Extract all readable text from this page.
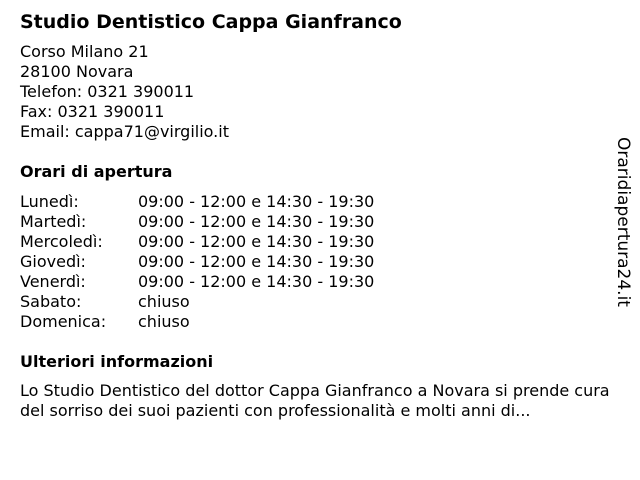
Studio Dentistico Cappa Gianfranco
Corso Milano 21
28100 Novara
Telefon: 0321 390011
Fax: 0321 390011
Email: cappa71@virgilio.it
Orari di apertura
Lunedì:	09:00 - 12:00 e 14:30 - 19:30
Martedì:	09:00 - 12:00 e 14:30 - 19:30
Mercoledì:	09:00 - 12:00 e 14:30 - 19:30
Giovedì:	09:00 - 12:00 e 14:30 - 19:30
Venerdì:	09:00 - 12:00 e 14:30 - 19:30
Sabato:	chiuso
Domenica:	chiuso
Ulteriori informazioni
Lo Studio Dentistico del dottor Cappa Gianfranco a Novara si prende cura del sorriso dei suoi pazienti con professionalità e molti anni di...
Oraridiapertura24.it
